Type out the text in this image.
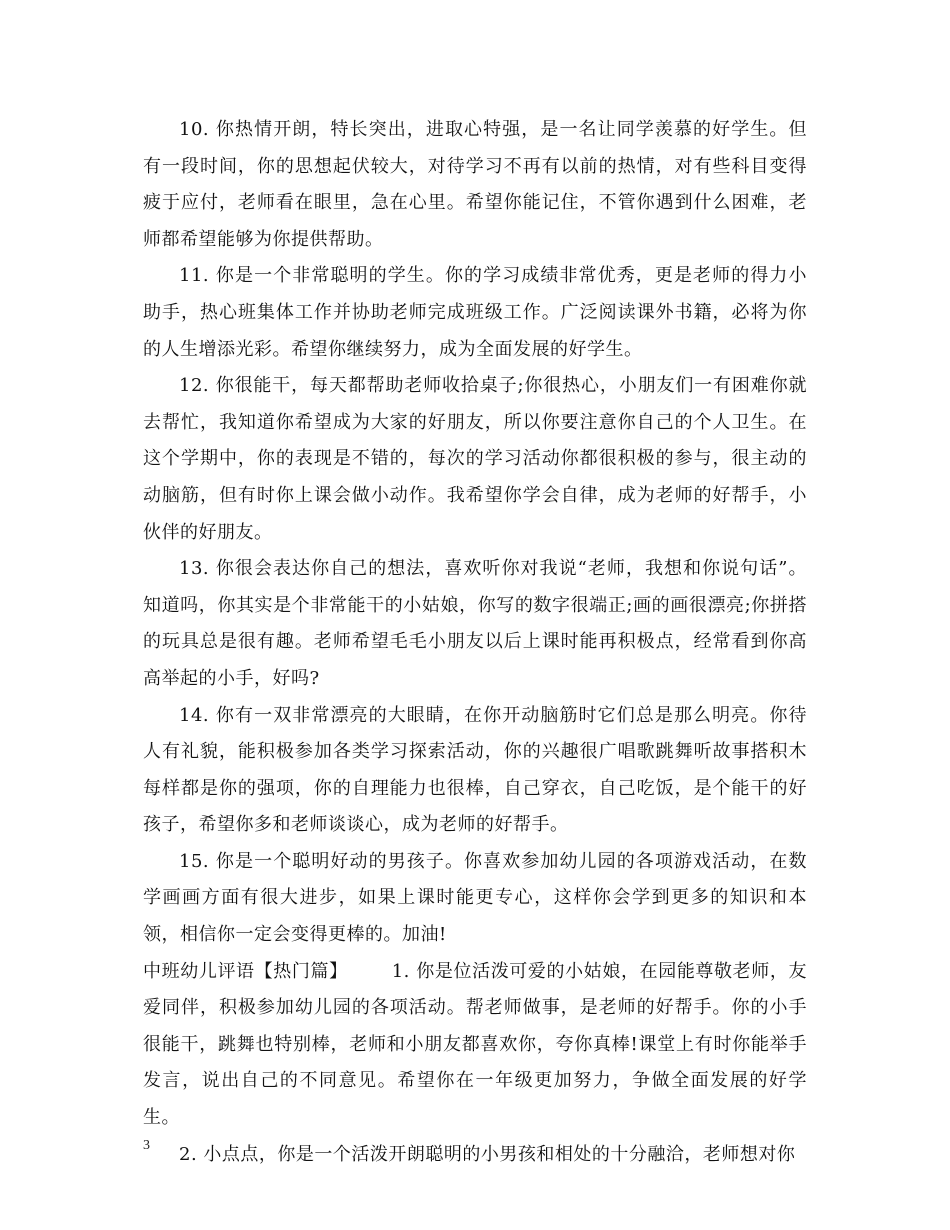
10. 你热情开朗，特长突出，进取心特强，是一名让同学羡慕的好学生。但有一段时间，你的思想起伏较大，对待学习不再有以前的热情，对有些科目变得疲于应付，老师看在眼里，急在心里。希望你能记住，不管你遇到什么困难，老师都希望能够为你提供帮助。

11. 你是一个非常聪明的学生。你的学习成绩非常优秀，更是老师的得力小助手，热心班集体工作并协助老师完成班级工作。广泛阅读课外书籍，必将为你的人生增添光彩。希望你继续努力，成为全面发展的好学生。

12. 你很能干，每天都帮助老师收拾桌子;你很热心，小朋友们一有困难你就去帮忙，我知道你希望成为大家的好朋友，所以你要注意你自己的个人卫生。在这个学期中，你的表现是不错的，每次的学习活动你都很积极的参与，很主动的动脑筋，但有时你上课会做小动作。我希望你学会自律，成为老师的好帮手，小伙伴的好朋友。

13. 你很会表达你自己的想法，喜欢听你对我说“老师，我想和你说句话”。知道吗，你其实是个非常能干的小姑娘，你写的数字很端正;画的画很漂亮;你拼搭的玩具总是很有趣。老师希望毛毛小朋友以后上课时能再积极点，经常看到你高高举起的小手，好吗?

14. 你有一双非常漂亮的大眼睛，在你开动脑筋时它们总是那么明亮。你待人有礼貌，能积极参加各类学习探索活动，你的兴趣很广唱歌跳舞听故事搭积木每样都是你的强项，你的自理能力也很棒，自己穿衣，自己吃饭，是个能干的好孩子，希望你多和老师谈谈心，成为老师的好帮手。

15. 你是一个聪明好动的男孩子。你喜欢参加幼儿园的各项游戏活动，在数学画画方面有很大进步，如果上课时能更专心，这样你会学到更多的知识和本领，相信你一定会变得更棒的。加油!

中班幼儿评语【热门篇】 1. 你是位活泼可爱的小姑娘，在园能尊敬老师，友爱同伴，积极参加幼儿园的各项活动。帮老师做事，是老师的好帮手。你的小手很能干，跳舞也特别棒，老师和小朋友都喜欢你，夸你真棒!课堂上有时你能举手发言，说出自己的不同意见。希望你在一年级更加努力，争做全面发展的好学生。

2. 小点点，你是一个活泼开朗聪明的小男孩和相处的十分融洽，老师想对你

3
